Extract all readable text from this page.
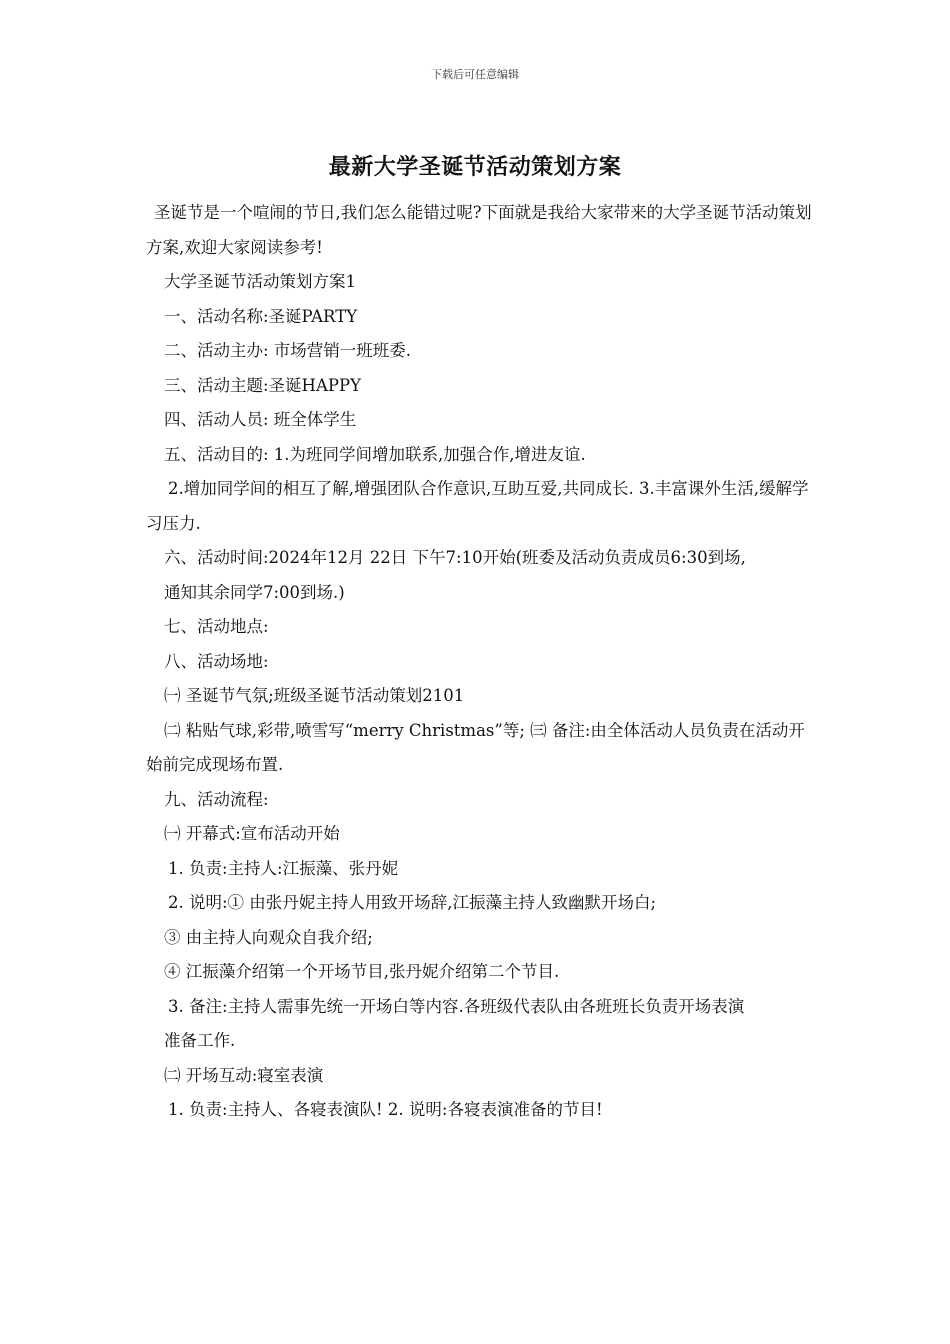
下载后可任意编辑
最新大学圣诞节活动策划方案

圣诞节是一个喧闹的节日,我们怎么能错过呢?下面就是我给大家带来的大学圣诞节活动策划方案,欢迎大家阅读参考!

大学圣诞节活动策划方案1

一、活动名称:圣诞PARTY

二、活动主办: 市场营销一班班委.

三、活动主题:圣诞HAPPY

四、活动人员: 班全体学生

五、活动目的: 1.为班同学间增加联系,加强合作,增进友谊.

2.增加同学间的相互了解,增强团队合作意识,互助互爱,共同成长. 3.丰富课外生活,缓解学习压力.

六、活动时间:2024年12月 22日 下午7:10开始(班委及活动负责成员6:30到场,

通知其余同学7:00到场.)

七、活动地点:

八、活动场地:

㈠ 圣诞节气氛;班级圣诞节活动策划2101

㈡ 粘贴气球,彩带,喷雪写“merry Christmas”等; ㈢ 备注:由全体活动人员负责在活动开始前完成现场布置.

九、活动流程:

㈠ 开幕式:宣布活动开始

1. 负责:主持人:江振藻、张丹妮

2. 说明:① 由张丹妮主持人用致开场辞,江振藻主持人致幽默开场白;

③ 由主持人向观众自我介绍;

④ 江振藻介绍第一个开场节目,张丹妮介绍第二个节目.

3. 备注:主持人需事先统一开场白等内容.各班级代表队由各班班长负责开场表演

准备工作.

㈡ 开场互动:寝室表演

1. 负责:主持人、各寝表演队! 2. 说明:各寝表演准备的节目!
